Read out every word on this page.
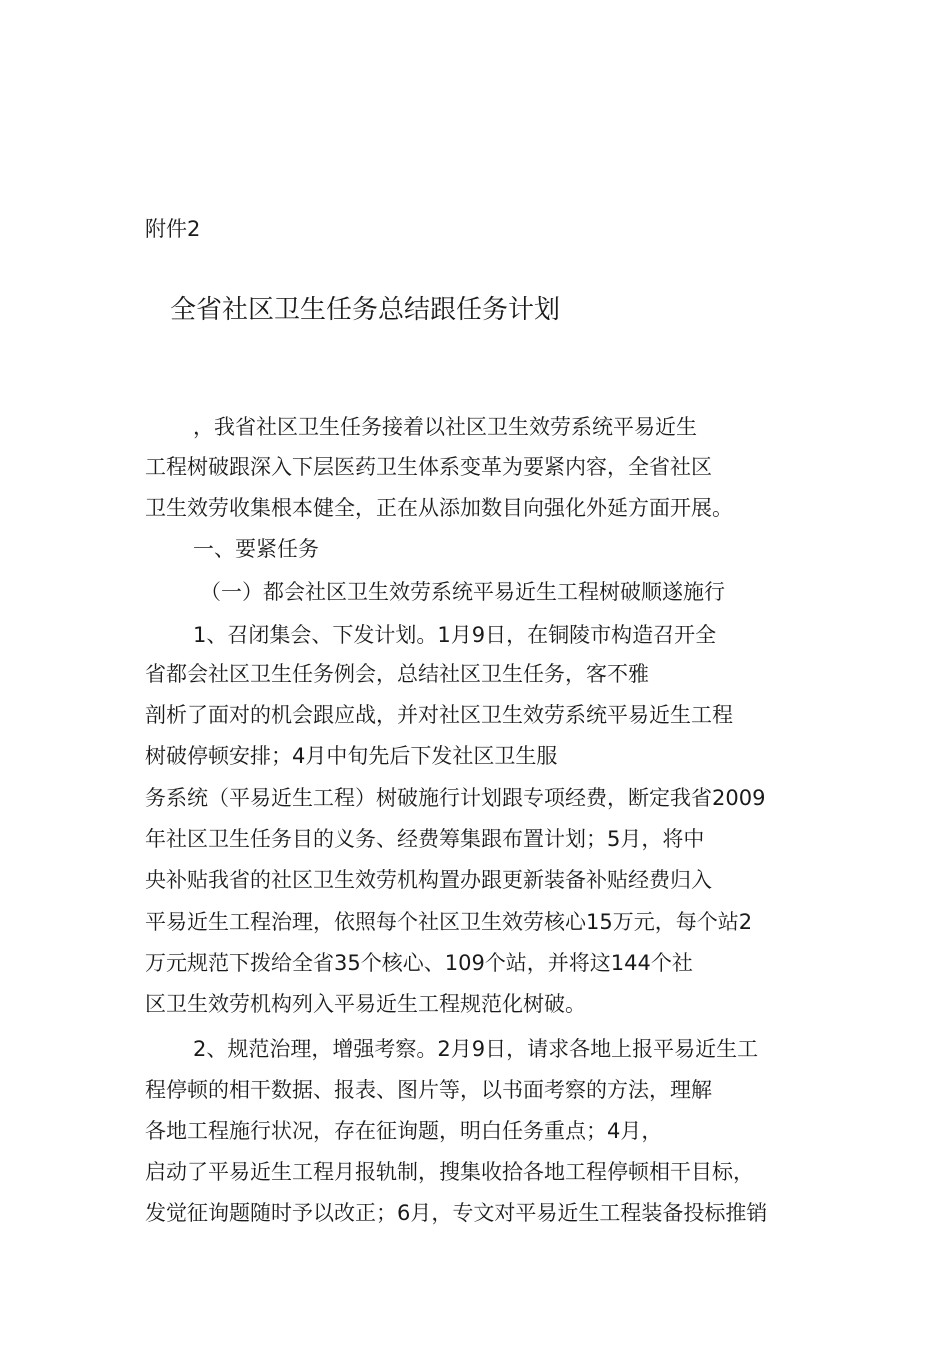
附件2
全省社区卫生任务总结跟任务计划
，我省社区卫生任务接着以社区卫生效劳系统平易近生
工程树破跟深入下层医药卫生体系变革为要紧内容，全省社区
卫生效劳收集根本健全，正在从添加数目向强化外延方面开展。
一、要紧任务
（一）都会社区卫生效劳系统平易近生工程树破顺遂施行
1、召闭集会、下发计划。1月9日，在铜陵市构造召开全
省都会社区卫生任务例会，总结社区卫生任务，客不雅
剖析了面对的机会跟应战，并对社区卫生效劳系统平易近生工程
树破停顿安排；4月中旬先后下发社区卫生服
务系统（平易近生工程）树破施行计划跟专项经费，断定我省2009
年社区卫生任务目的义务、经费筹集跟布置计划；5月，将中
央补贴我省的社区卫生效劳机构置办跟更新装备补贴经费归入
平易近生工程治理，依照每个社区卫生效劳核心15万元，每个站2
万元规范下拨给全省35个核心、109个站，并将这144个社
区卫生效劳机构列入平易近生工程规范化树破。
2、规范治理，增强考察。2月9日，请求各地上报平易近生工
程停顿的相干数据、报表、图片等，以书面考察的方法，理解
各地工程施行状况，存在征询题，明白任务重点；4月，
启动了平易近生工程月报轨制，搜集收拾各地工程停顿相干目标，
发觉征询题随时予以改正；6月，专文对平易近生工程装备投标推销
